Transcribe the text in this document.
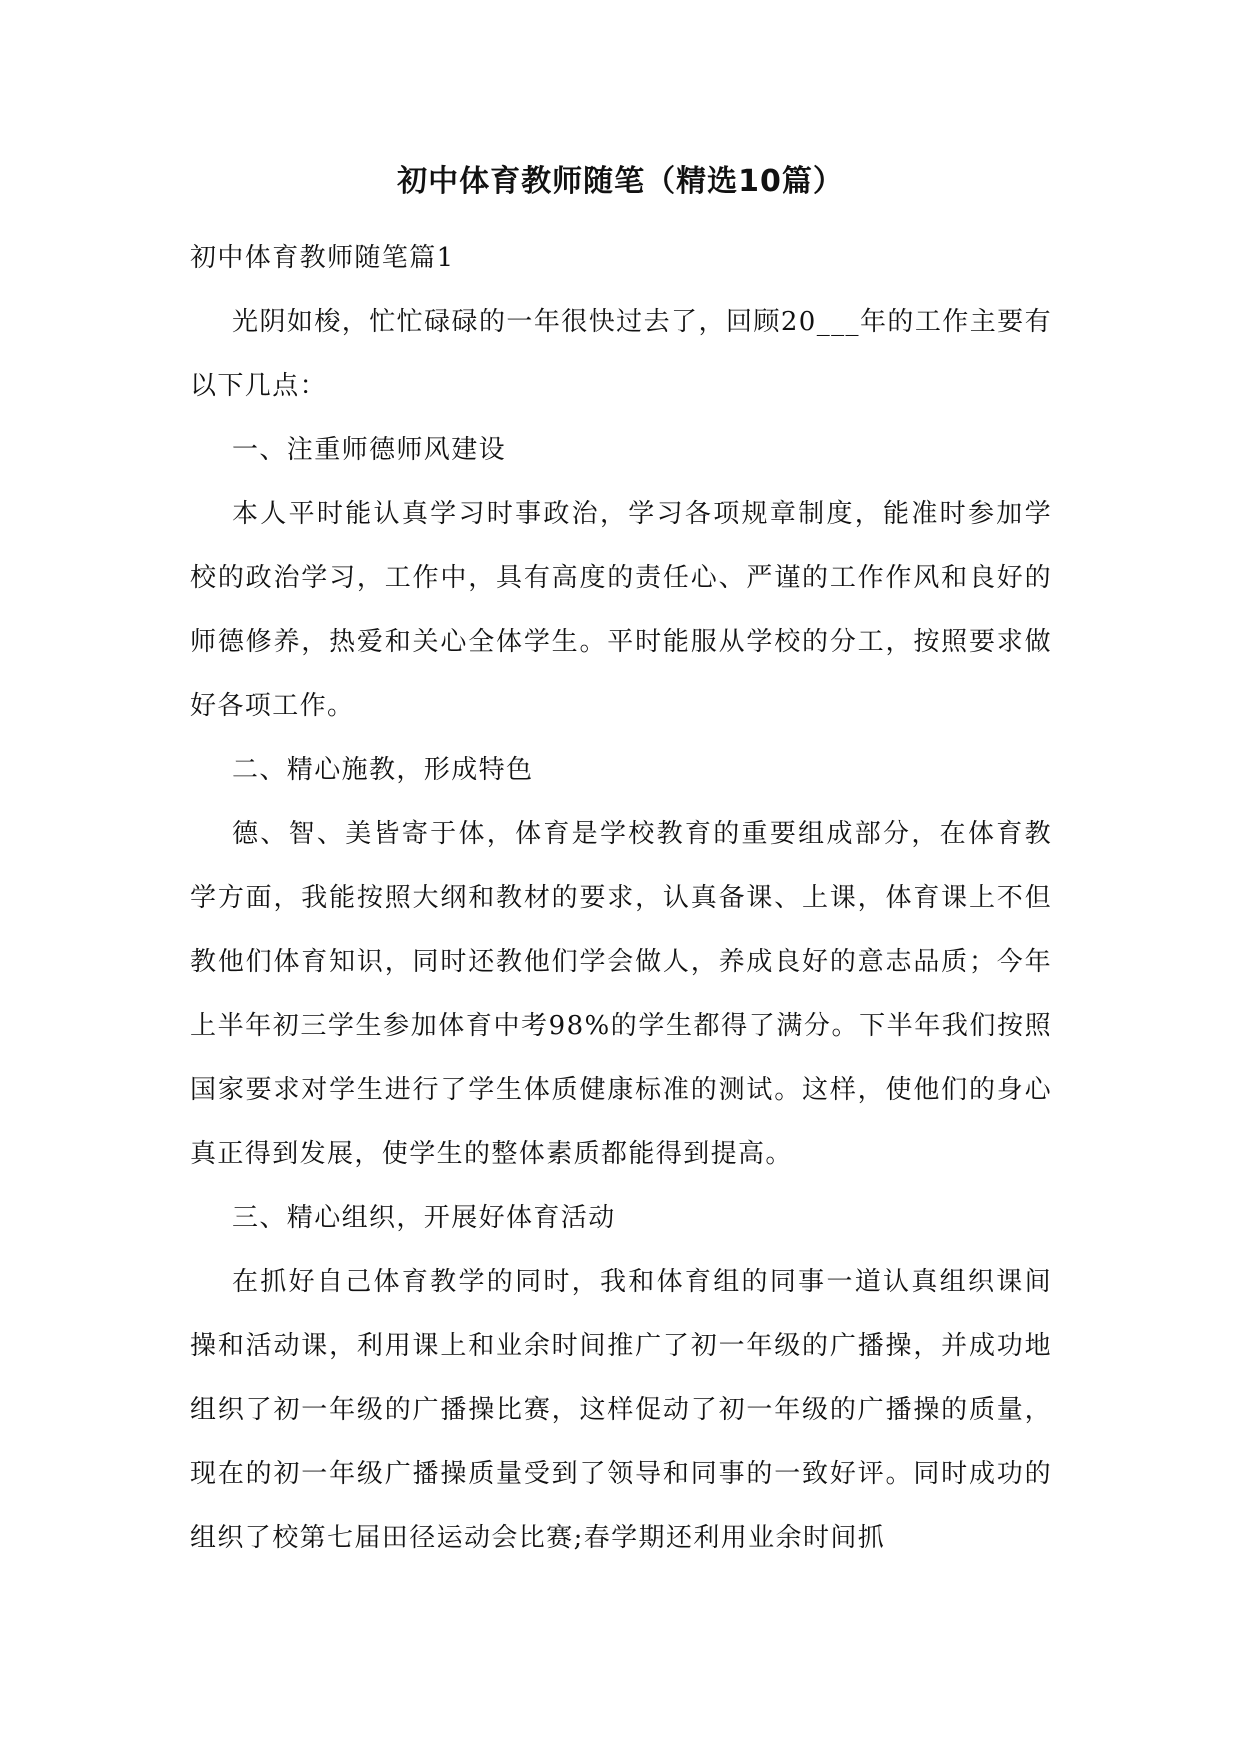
初中体育教师随笔（精选10篇）

初中体育教师随笔篇1

光阴如梭，忙忙碌碌的一年很快过去了，回顾20___年的工作主要有以下几点：

一、注重师德师风建设

本人平时能认真学习时事政治，学习各项规章制度，能准时参加学校的政治学习，工作中，具有高度的责任心、严谨的工作作风和良好的师德修养，热爱和关心全体学生。平时能服从学校的分工，按照要求做好各项工作。

二、精心施教，形成特色

德、智、美皆寄于体，体育是学校教育的重要组成部分，在体育教学方面，我能按照大纲和教材的要求，认真备课、上课，体育课上不但教他们体育知识，同时还教他们学会做人，养成良好的意志品质；今年上半年初三学生参加体育中考98%的学生都得了满分。下半年我们按照国家要求对学生进行了学生体质健康标准的测试。这样，使他们的身心真正得到发展，使学生的整体素质都能得到提高。

三、精心组织，开展好体育活动

在抓好自己体育教学的同时，我和体育组的同事一道认真组织课间操和活动课，利用课上和业余时间推广了初一年级的广播操，并成功地组织了初一年级的广播操比赛，这样促动了初一年级的广播操的质量，现在的初一年级广播操质量受到了领导和同事的一致好评。同时成功的组织了校第七届田径运动会比赛;春学期还利用业余时间抓
